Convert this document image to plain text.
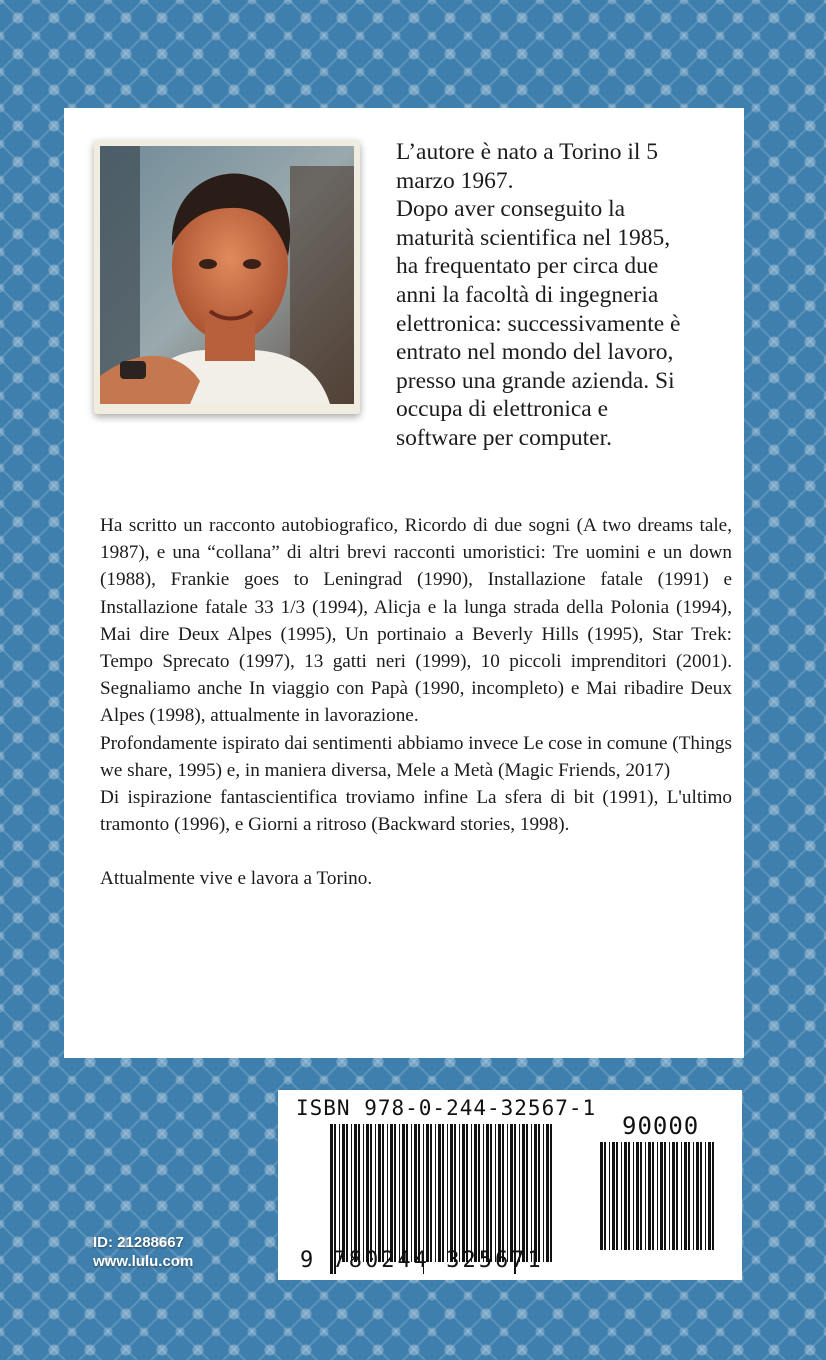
L’autore è nato a Torino il 5
marzo 1967.
Dopo aver conseguito la
maturità scientifica nel 1985,
ha frequentato per circa due
anni la facoltà di ingegneria
elettronica: successivamente è
entrato nel mondo del lavoro,
presso una grande azienda. Si
occupa di elettronica e
software per computer.

Ha scritto un racconto autobiografico, Ricordo di due sogni (A two dreams tale, 1987), e una “collana” di altri brevi racconti umoristici: Tre uomini e un down (1988), Frankie goes to Leningrad (1990), Installazione fatale (1991) e Installazione fatale 33 1/3 (1994), Alicja e la lunga strada della Polonia (1994), Mai dire Deux Alpes (1995), Un portinaio a Beverly Hills (1995), Star Trek: Tempo Sprecato (1997), 13 gatti neri (1999), 10 piccoli imprenditori (2001). Segnaliamo anche In viaggio con Papà (1990, incompleto) e Mai ribadire Deux Alpes (1998), attualmente in lavorazione.

Profondamente ispirato dai sentimenti abbiamo invece Le cose in comune (Things we share, 1995) e, in maniera diversa, Mele a Metà (Magic Friends, 2017)

Di ispirazione fantascientifica troviamo infine La sfera di bit (1991), L'ultimo tramonto (1996), e Giorni a ritroso (Backward stories, 1998).

Attualmente vive e lavora a Torino.

ISBN 978-0-244-32567-1
90000
9 780244 325671
ID: 21288667
www.lulu.com
